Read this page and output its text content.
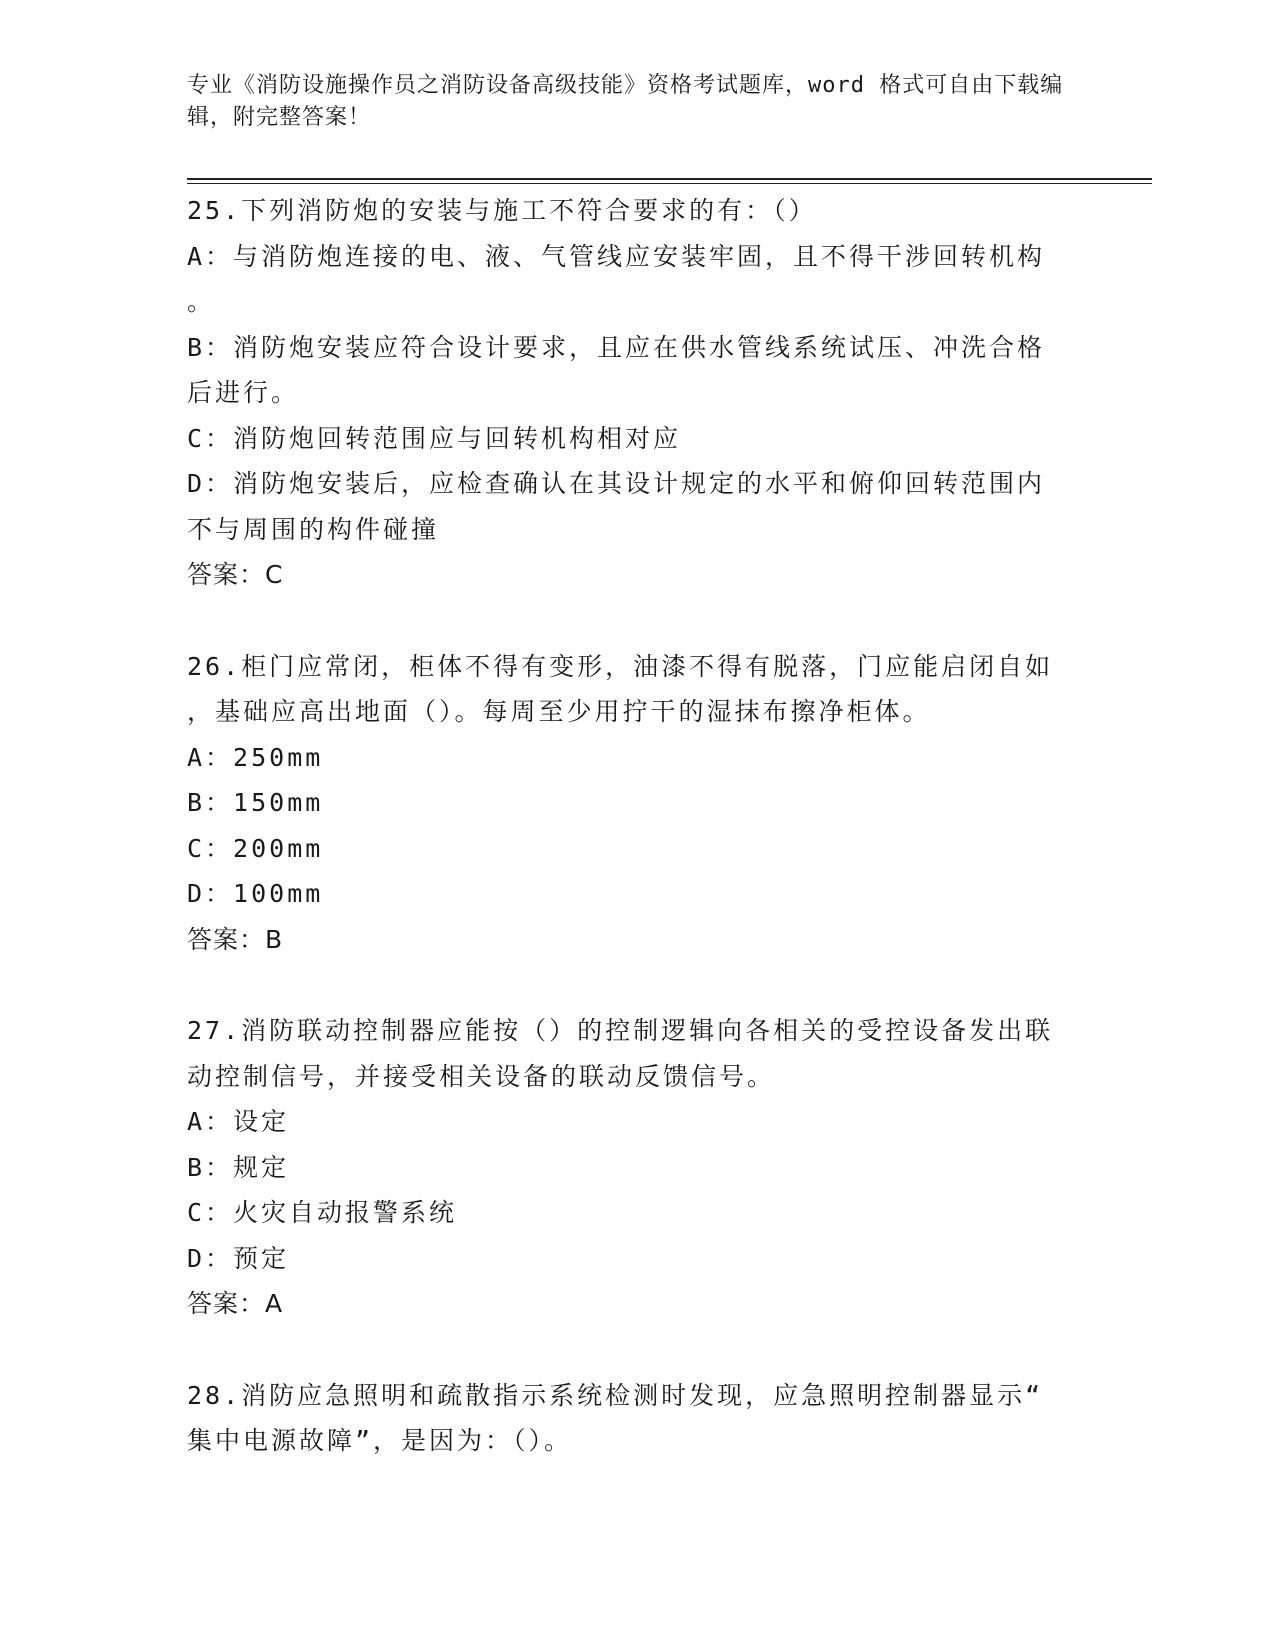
专业《消防设施操作员之消防设备高级技能》资格考试题库，word 格式可自由下载编辑，附完整答案！
25.下列消防炮的安装与施工不符合要求的有：（）
A：与消防炮连接的电、液、气管线应安装牢固，且不得干涉回转机构
。
B：消防炮安装应符合设计要求，且应在供水管线系统试压、冲洗合格
后进行。
C：消防炮回转范围应与回转机构相对应
D：消防炮安装后，应检查确认在其设计规定的水平和俯仰回转范围内
不与周围的构件碰撞
答案：C
26.柜门应常闭，柜体不得有变形，油漆不得有脱落，门应能启闭自如
，基础应高出地面（）。每周至少用拧干的湿抹布擦净柜体。
A：250mm
B：150mm
C：200mm
D：100mm
答案：B
27.消防联动控制器应能按（）的控制逻辑向各相关的受控设备发出联
动控制信号，并接受相关设备的联动反馈信号。
A：设定
B：规定
C：火灾自动报警系统
D：预定
答案：A
28.消防应急照明和疏散指示系统检测时发现，应急照明控制器显示“
集中电源故障”，是因为：（）。
